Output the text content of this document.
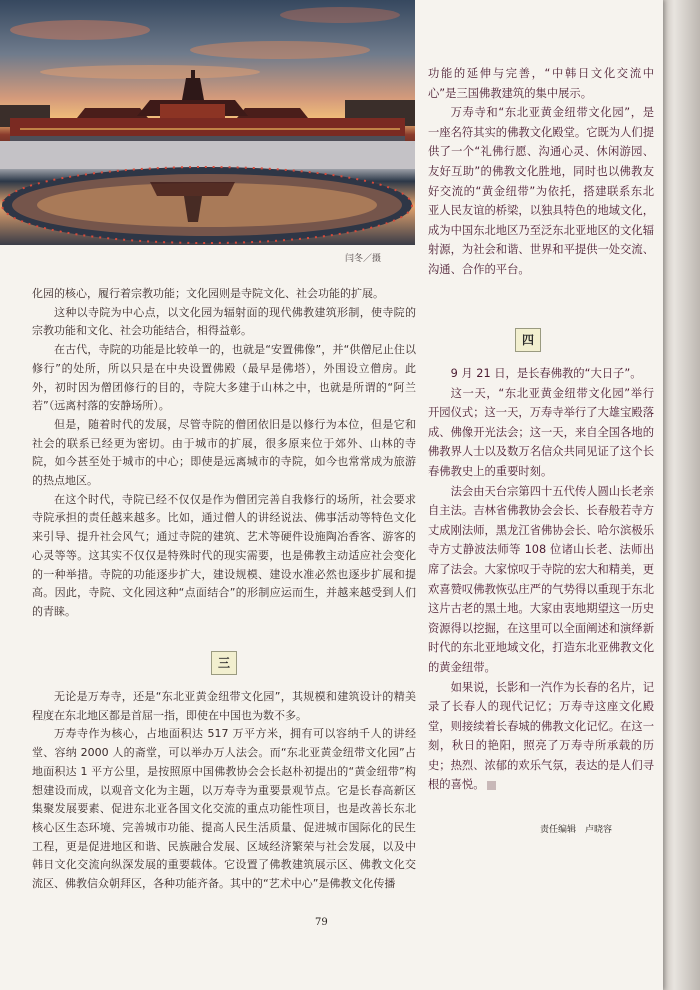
闫冬／摄

功能的延伸与完善，“中韩日文化交流中心”是三国佛教建筑的集中展示。

万寿寺和“东北亚黄金纽带文化园”，是一座名符其实的佛教文化殿堂。它既为人们提供了一个“礼佛行愿、沟通心灵、休闲游园、友好互助”的佛教文化胜地，同时也以佛教友好交流的“黄金纽带”为依托，搭建联系东北亚人民友谊的桥梁，以独具特色的地域文化，成为中国东北地区乃至泛东北亚地区的文化辐射源，为社会和谐、世界和平提供一处交流、沟通、合作的平台。

四

9 月 21 日，是长春佛教的“大日子”。

这一天，“东北亚黄金纽带文化园”举行开园仪式；这一天，万寿寺举行了大雄宝殿落成、佛像开光法会；这一天，来自全国各地的佛教界人士以及数万名信众共同见证了这个长春佛教史上的重要时刻。

法会由天台宗第四十五代传人圆山长老亲自主法。吉林省佛教协会会长、长春般若寺方丈成刚法师，黑龙江省佛协会长、哈尔滨极乐寺方丈静波法师等 108 位诸山长老、法师出席了法会。大家惊叹于寺院的宏大和精美，更欢喜赞叹佛教恢弘庄严的气势得以重现于东北这片古老的黑土地。大家由衷地期望这一历史资源得以挖掘，在这里可以全面阐述和演绎新时代的东北亚地域文化，打造东北亚佛教文化的黄金纽带。

如果说，长影和一汽作为长春的名片，记录了长春人的现代记忆；万寿寺这座文化殿堂，则接续着长春城的佛教文化记忆。在这一刻，秋日的艳阳，照亮了万寿寺所承载的历史；热烈、浓郁的欢乐气氛，表达的是人们寻根的喜悦。

化园的核心，履行着宗教功能；文化园则是寺院文化、社会功能的扩展。

这种以寺院为中心点，以文化园为辐射面的现代佛教建筑形制，使寺院的宗教功能和文化、社会功能结合，相得益彰。

在古代，寺院的功能是比较单一的，也就是“安置佛像”，并“供僧尼止住以修行”的处所，所以只是在中央设置佛殿（最早是佛塔），外围设立僧房。此外，初时因为僧团修行的目的，寺院大多建于山林之中，也就是所谓的“阿兰若”（远离村落的安静场所）。

但是，随着时代的发展，尽管寺院的僧团依旧是以修行为本位，但是它和社会的联系已经更为密切。由于城市的扩展，很多原来位于郊外、山林的寺院，如今甚至处于城市的中心；即使是远离城市的寺院，如今也常常成为旅游的热点地区。

在这个时代，寺院已经不仅仅是作为僧团完善自我修行的场所，社会要求寺院承担的责任越来越多。比如，通过僧人的讲经说法、佛事活动等特色文化来引导、提升社会风气；通过寺院的建筑、艺术等硬件设施陶冶香客、游客的心灵等等。这其实不仅仅是特殊时代的现实需要，也是佛教主动适应社会变化的一种举措。寺院的功能逐步扩大，建设规模、建设水准必然也逐步扩展和提高。因此，寺院、文化园这种“点面结合”的形制应运而生，并越来越受到人们的青睐。

三

无论是万寿寺，还是“东北亚黄金纽带文化园”，其规模和建筑设计的精美程度在东北地区都是首屈一指，即使在中国也为数不多。

万寿寺作为核心，占地面积达 517 万平方米，拥有可以容纳千人的讲经堂、容纳 2000 人的斋堂，可以举办万人法会。而“东北亚黄金纽带文化园”占地面积达 1 平方公里，是按照原中国佛教协会会长赵朴初提出的“黄金纽带”构想建设而成，以观音文化为主题，以万寿寺为重要景观节点。它是长春高新区集聚发展要素、促进东北亚各国文化交流的重点功能性项目，也是改善长东北核心区生态环境、完善城市功能、提高人民生活质量、促进城市国际化的民生工程，更是促进地区和谐、民族融合发展、区域经济繁荣与社会发展，以及中韩日文化交流向纵深发展的重要载体。它设置了佛教建筑展示区、佛教文化交流区、佛教信众朝拜区，各种功能齐备。其中的“艺术中心”是佛教文化传播

责任编辑　卢晓容
79
